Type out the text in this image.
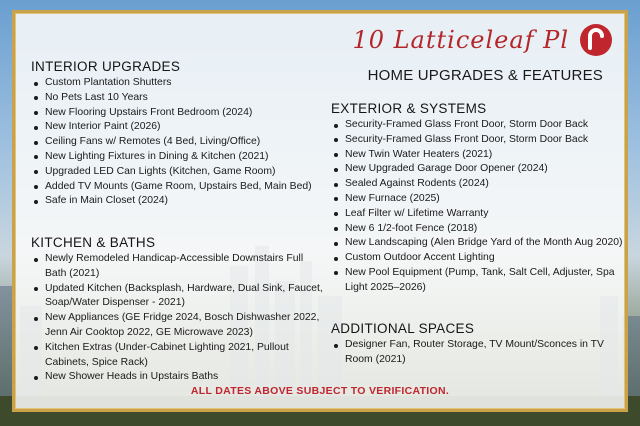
10 Latticeleaf Pl
HOME UPGRADES & FEATURES
INTERIOR UPGRADES
Custom Plantation Shutters
No Pets Last 10 Years
New Flooring Upstairs Front Bedroom (2024)
New Interior Paint (2026)
Ceiling Fans w/ Remotes (4 Bed, Living/Office)
New Lighting Fixtures in Dining & Kitchen (2021)
Upgraded LED Can Lights (Kitchen, Game Room)
Added TV Mounts (Game Room, Upstairs Bed, Main Bed)
Safe in Main Closet (2024)
KITCHEN & BATHS
Newly Remodeled Handicap-Accessible Downstairs Full Bath (2021)
Updated Kitchen (Backsplash, Hardware, Dual Sink, Faucet, Soap/Water Dispenser - 2021)
New Appliances (GE Fridge 2024, Bosch Dishwasher 2022, Jenn Air Cooktop 2022, GE Microwave 2023)
Kitchen Extras (Under-Cabinet Lighting 2021, Pullout Cabinets, Spice Rack)
New Shower Heads in Upstairs Baths
EXTERIOR & SYSTEMS
Security-Framed Glass Front Door, Storm Door Back
Security-Framed Glass Front Door, Storm Door Back
New Twin Water Heaters (2021)
New Upgraded Garage Door Opener (2024)
Sealed Against Rodents (2024)
New Furnace (2025)
Leaf Filter w/ Lifetime Warranty
New 6 1/2-foot Fence (2018)
New Landscaping (Alen Bridge Yard of the Month Aug 2020)
Custom Outdoor Accent Lighting
New Pool Equipment (Pump, Tank, Salt Cell, Adjuster, Spa Light 2025–2026)
ADDITIONAL SPACES
Designer Fan, Router Storage, TV Mount/Sconces in TV Room (2021)
ALL DATES ABOVE SUBJECT TO VERIFICATION.
